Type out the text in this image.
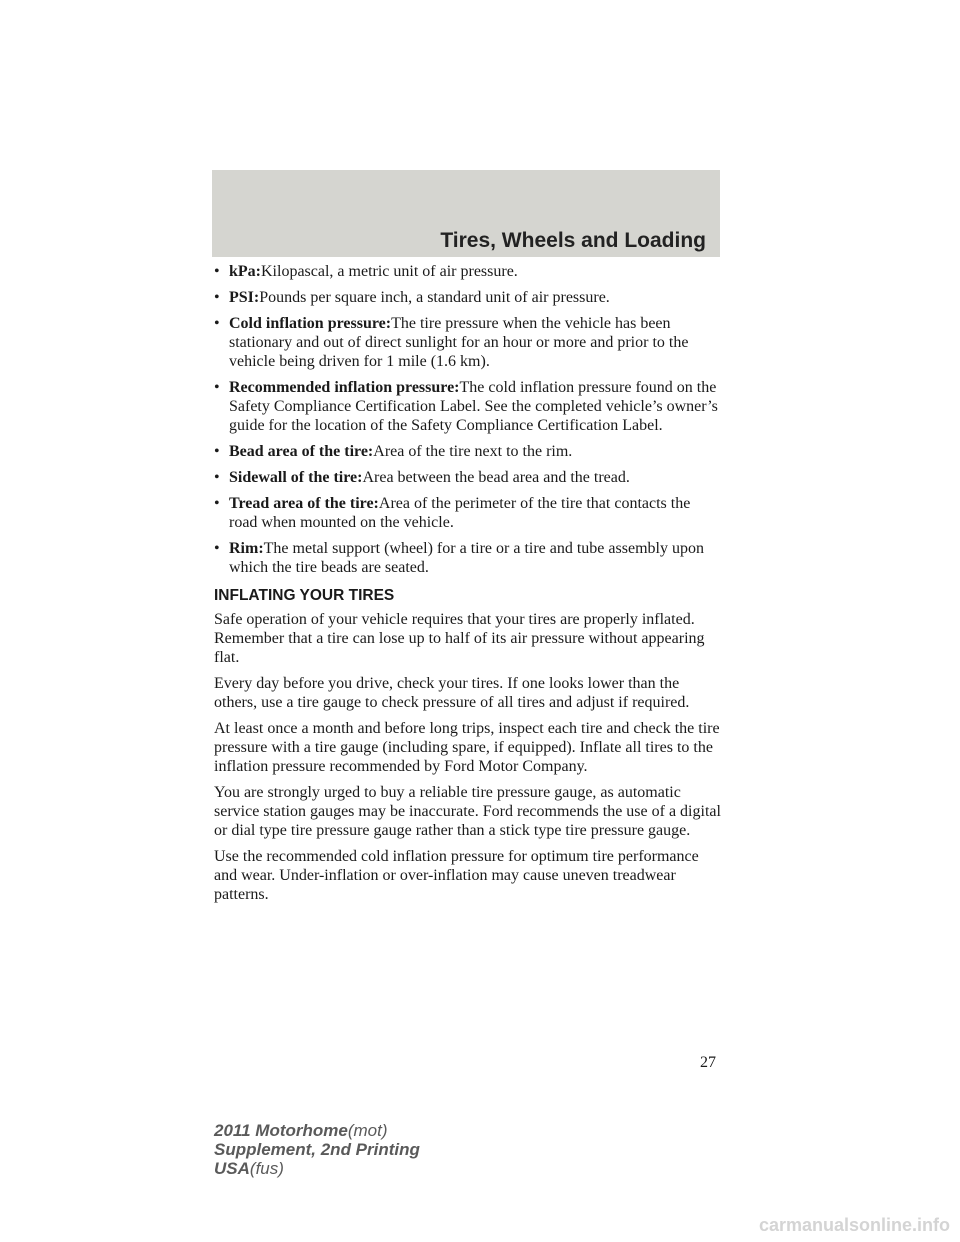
Tires, Wheels and Loading
• kPa:Kilopascal, a metric unit of air pressure.
• PSI:Pounds per square inch, a standard unit of air pressure.
• Cold inflation pressure:The tire pressure when the vehicle has been stationary and out of direct sunlight for an hour or more and prior to the vehicle being driven for 1 mile (1.6 km).
• Recommended inflation pressure:The cold inflation pressure found on the Safety Compliance Certification Label. See the completed vehicle’s owner’s guide for the location of the Safety Compliance Certification Label.
• Bead area of the tire:Area of the tire next to the rim.
• Sidewall of the tire:Area between the bead area and the tread.
• Tread area of the tire:Area of the perimeter of the tire that contacts the road when mounted on the vehicle.
• Rim:The metal support (wheel) for a tire or a tire and tube assembly upon which the tire beads are seated.
INFLATING YOUR TIRES

Safe operation of your vehicle requires that your tires are properly inflated. Remember that a tire can lose up to half of its air pressure without appearing flat.

Every day before you drive, check your tires. If one looks lower than the others, use a tire gauge to check pressure of all tires and adjust if required.

At least once a month and before long trips, inspect each tire and check the tire pressure with a tire gauge (including spare, if equipped). Inflate all tires to the inflation pressure recommended by Ford Motor Company.

You are strongly urged to buy a reliable tire pressure gauge, as automatic service station gauges may be inaccurate. Ford recommends the use of a digital or dial type tire pressure gauge rather than a stick type tire pressure gauge.

Use the recommended cold inflation pressure for optimum tire performance and wear. Under-inflation or over-inflation may cause uneven treadwear patterns.

27
2011 Motorhome(mot)
Supplement, 2nd Printing
USA(fus)
carmanualsonline.info
